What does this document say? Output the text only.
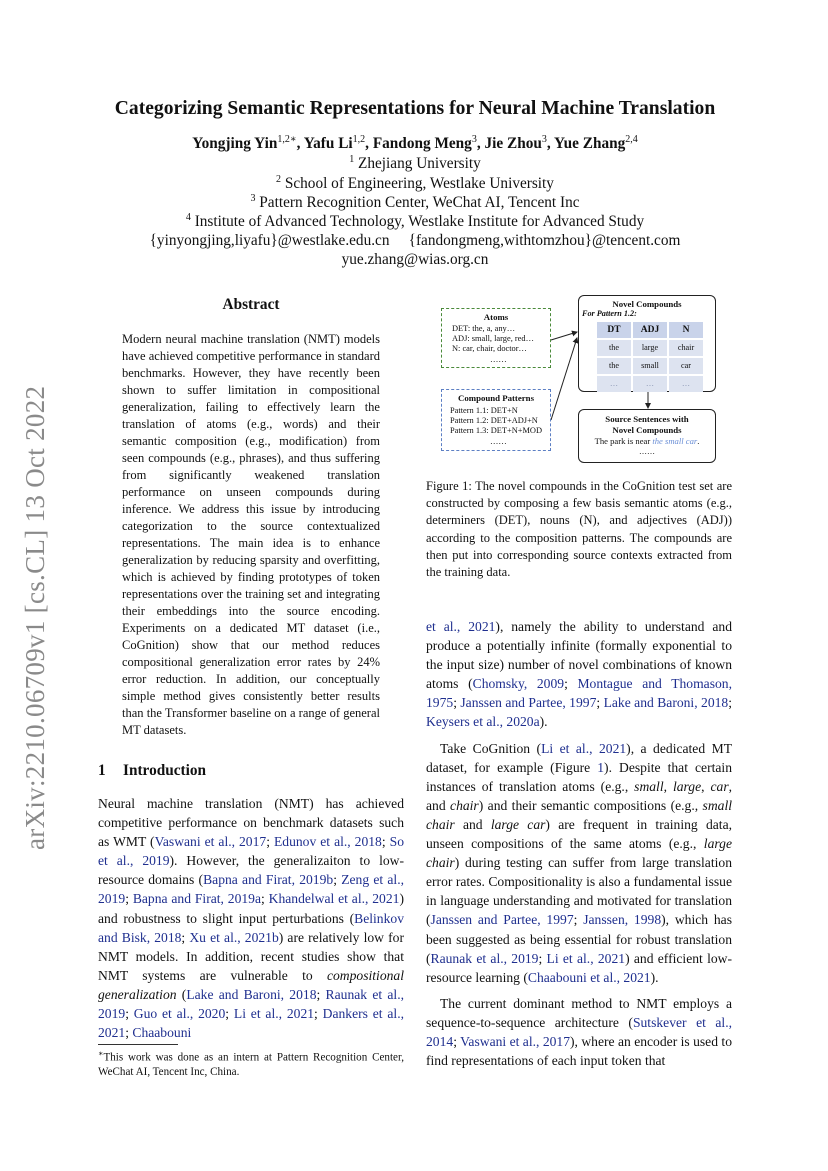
arXiv:2210.06709v1 [cs.CL] 13 Oct 2022
Categorizing Semantic Representations for Neural Machine Translation
Yongjing Yin$^{1,2∗}$, Yafu Li$^{1,2}$, Fandong Meng$^3$, Jie Zhou$^3$, Yue Zhang$^{2,4}$
$^1$ Zhejiang University
$^2$ School of Engineering, Westlake University
$^3$ Pattern Recognition Center, WeChat AI, Tencent Inc
$^4$ Institute of Advanced Technology, Westlake Institute for Advanced Study
{yinyongjing,liyafu}@westlake.edu.cn {fandongmeng,withtomzhou}@tencent.com
yue.zhang@wias.org.cn
Abstract
Modern neural machine translation (NMT) models have achieved competitive performance in standard benchmarks. However, they have recently been shown to suffer limitation in compositional generalization, failing to effectively learn the translation of atoms (e.g., words) and their semantic composition (e.g., modification) from seen compounds (e.g., phrases), and thus suffering from significantly weakened translation performance on unseen compounds during inference. We address this issue by introducing categorization to the source contextualized representations. The main idea is to enhance generalization by reducing sparsity and overfitting, which is achieved by finding prototypes of token representations over the training set and integrating their embeddings into the source encoding. Experiments on a dedicated MT dataset (i.e., CoGnition) show that our method reduces compositional generalization error rates by 24% error reduction. In addition, our conceptually simple method gives consistently better results than the Transformer baseline on a range of general MT datasets.
1 Introduction

Neural machine translation (NMT) has achieved competitive performance on benchmark datasets such as WMT (Vaswani et al., 2017; Edunov et al., 2018; So et al., 2019). However, the generalizaiton to low-resource domains (Bapna and Firat, 2019b; Zeng et al., 2019; Bapna and Firat, 2019a; Khandelwal et al., 2021) and robustness to slight input perturbations (Belinkov and Bisk, 2018; Xu et al., 2021b) are relatively low for NMT models. In addition, recent studies show that NMT systems are vulnerable to compositional generalization (Lake and Baroni, 2018; Raunak et al., 2019; Guo et al., 2020; Li et al., 2021; Dankers et al., 2021; Chaabouni

∗This work was done as an intern at Pattern Recognition Center, WeChat AI, Tencent Inc, China.
Atoms
DET: the, a, any…
ADJ: small, large, red…
N: car, chair, doctor…
……
Compound Patterns
Pattern 1.1: DET+N
Pattern 1.2: DET+ADJ+N
Pattern 1.3: DET+N+MOD
……
Novel Compounds
For Pattern 1.2:
DT	ADJ	N
the	large	chair
the	small	car
…	…	…
Source Sentences with
Novel Compounds
The park is near the small car.
……
Figure 1: The novel compounds in the CoGnition test set are constructed by composing a few basis semantic atoms (e.g., determiners (DET), nouns (N), and adjectives (ADJ)) according to the composition patterns. The compounds are then put into corresponding source contexts extracted from the training data.

et al., 2021), namely the ability to understand and produce a potentially infinite (formally exponential to the input size) number of novel combinations of known atoms (Chomsky, 2009; Montague and Thomason, 1975; Janssen and Partee, 1997; Lake and Baroni, 2018; Keysers et al., 2020a).

Take CoGnition (Li et al., 2021), a dedicated MT dataset, for example (Figure 1). Despite that certain instances of translation atoms (e.g., small, large, car, and chair) and their semantic compositions (e.g., small chair and large car) are frequent in training data, unseen compositions of the same atoms (e.g., large chair) during testing can suffer from large translation error rates. Compositionality is also a fundamental issue in language understanding and motivated for translation (Janssen and Partee, 1997; Janssen, 1998), which has been suggested as being essential for robust translation (Raunak et al., 2019; Li et al., 2021) and efficient low-resource learning (Chaabouni et al., 2021).

The current dominant method to NMT employs a sequence-to-sequence architecture (Sutskever et al., 2014; Vaswani et al., 2017), where an encoder is used to find representations of each input token that
